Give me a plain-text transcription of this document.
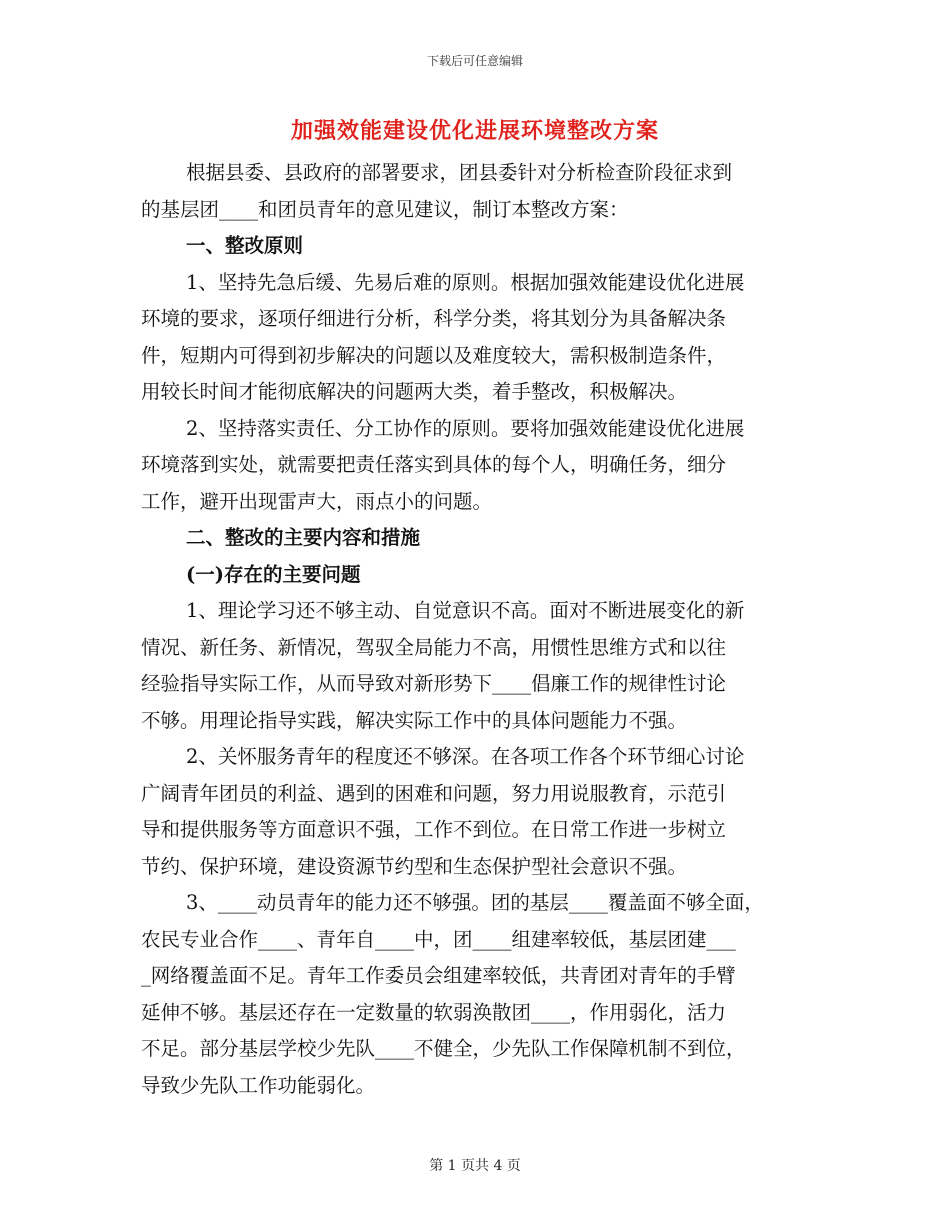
下载后可任意编辑
加强效能建设优化进展环境整改方案
根据县委、县政府的部署要求，团县委针对分析检查阶段征求到
的基层团____和团员青年的意见建议，制订本整改方案：
一、整改原则
1、坚持先急后缓、先易后难的原则。根据加强效能建设优化进展
环境的要求，逐项仔细进行分析，科学分类，将其划分为具备解决条
件，短期内可得到初步解决的问题以及难度较大，需积极制造条件，
用较长时间才能彻底解决的问题两大类，着手整改，积极解决。
2、坚持落实责任、分工协作的原则。要将加强效能建设优化进展
环境落到实处，就需要把责任落实到具体的每个人，明确任务，细分
工作，避开出现雷声大，雨点小的问题。
二、整改的主要内容和措施
(一)存在的主要问题
1、理论学习还不够主动、自觉意识不高。面对不断进展变化的新
情况、新任务、新情况，驾驭全局能力不高，用惯性思维方式和以往
经验指导实际工作，从而导致对新形势下____倡廉工作的规律性讨论
不够。用理论指导实践，解决实际工作中的具体问题能力不强。
2、关怀服务青年的程度还不够深。在各项工作各个环节细心讨论
广阔青年团员的利益、遇到的困难和问题，努力用说服教育，示范引
导和提供服务等方面意识不强，工作不到位。在日常工作进一步树立
节约、保护环境，建设资源节约型和生态保护型社会意识不强。
3、____动员青年的能力还不够强。团的基层____覆盖面不够全面，
农民专业合作____、青年自____中，团____组建率较低，基层团建___
_网络覆盖面不足。青年工作委员会组建率较低，共青团对青年的手臂
延伸不够。基层还存在一定数量的软弱涣散团____，作用弱化，活力
不足。部分基层学校少先队____不健全，少先队工作保障机制不到位，
导致少先队工作功能弱化。
第 1 页共 4 页
